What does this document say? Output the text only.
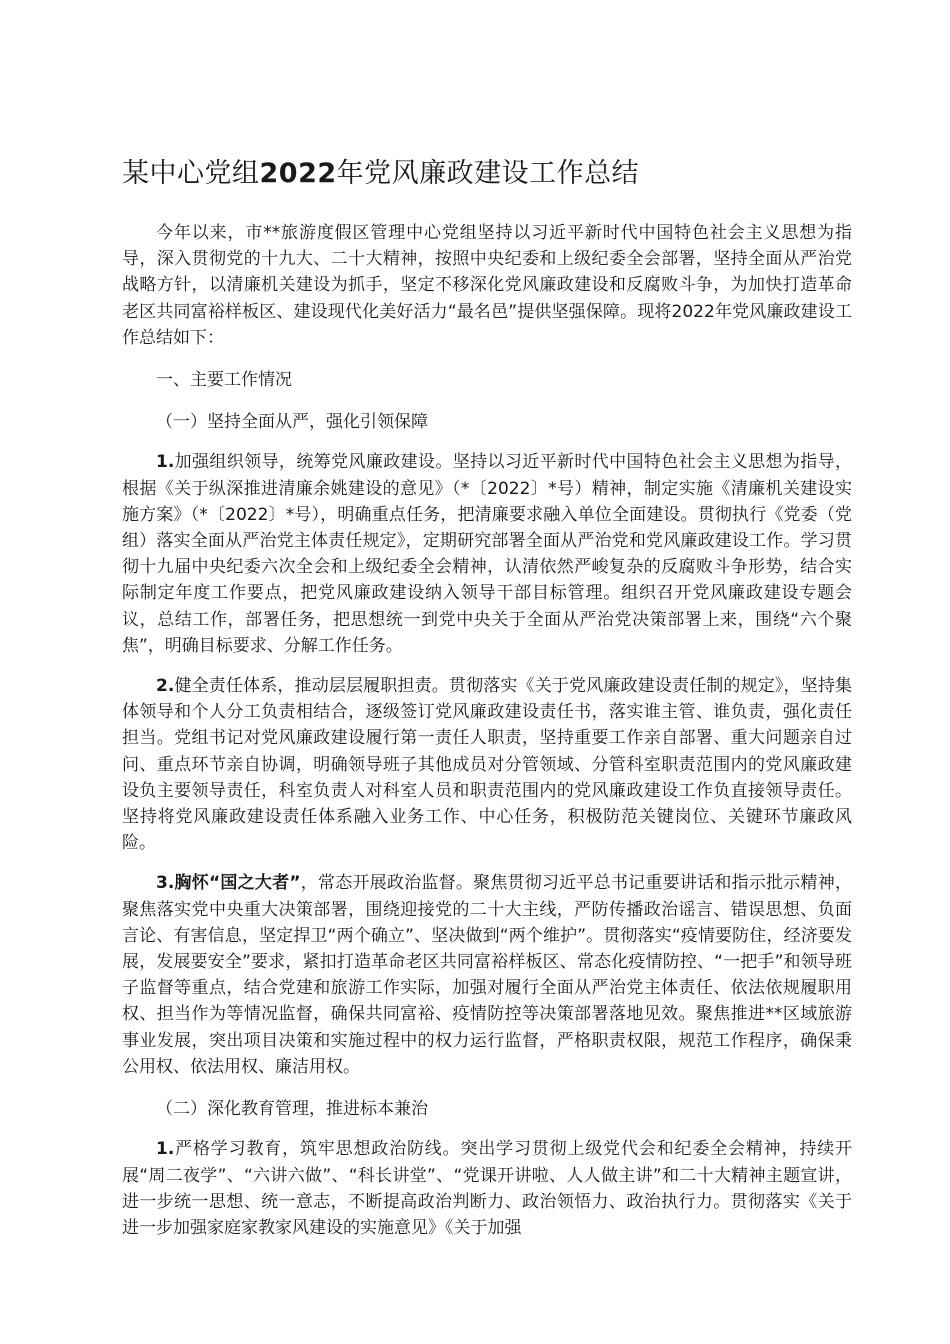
某中心党组2022年党风廉政建设工作总结

今年以来，市**旅游度假区管理中心党组坚持以习近平新时代中国特色社会主义思想为指导，深入贯彻党的十九大、二十大精神，按照中央纪委和上级纪委全会部署，坚持全面从严治党战略方针，以清廉机关建设为抓手，坚定不移深化党风廉政建设和反腐败斗争，为加快打造革命老区共同富裕样板区、建设现代化美好活力“最名邑”提供坚强保障。现将2022年党风廉政建设工作总结如下：

一、主要工作情况

（一）坚持全面从严，强化引领保障

1.加强组织领导，统筹党风廉政建设。坚持以习近平新时代中国特色社会主义思想为指导，根据《关于纵深推进清廉余姚建设的意见》（*〔2022〕*号）精神，制定实施《清廉机关建设实施方案》（*〔2022〕*号），明确重点任务，把清廉要求融入单位全面建设。贯彻执行《党委（党组）落实全面从严治党主体责任规定》，定期研究部署全面从严治党和党风廉政建设工作。学习贯彻十九届中央纪委六次全会和上级纪委全会精神，认清依然严峻复杂的反腐败斗争形势，结合实际制定年度工作要点，把党风廉政建设纳入领导干部目标管理。组织召开党风廉政建设专题会议，总结工作，部署任务，把思想统一到党中央关于全面从严治党决策部署上来，围绕“六个聚焦”，明确目标要求、分解工作任务。

2.健全责任体系，推动层层履职担责。贯彻落实《关于党风廉政建设责任制的规定》，坚持集体领导和个人分工负责相结合，逐级签订党风廉政建设责任书，落实谁主管、谁负责，强化责任担当。党组书记对党风廉政建设履行第一责任人职责，坚持重要工作亲自部署、重大问题亲自过问、重点环节亲自协调，明确领导班子其他成员对分管领域、分管科室职责范围内的党风廉政建设负主要领导责任，科室负责人对科室人员和职责范围内的党风廉政建设工作负直接领导责任。坚持将党风廉政建设责任体系融入业务工作、中心任务，积极防范关键岗位、关键环节廉政风险。

3.胸怀“国之大者”，常态开展政治监督。聚焦贯彻习近平总书记重要讲话和指示批示精神，聚焦落实党中央重大决策部署，围绕迎接党的二十大主线，严防传播政治谣言、错误思想、负面言论、有害信息，坚定捍卫“两个确立”、坚决做到“两个维护”。贯彻落实“疫情要防住，经济要发展，发展要安全”要求，紧扣打造革命老区共同富裕样板区、常态化疫情防控、“一把手”和领导班子监督等重点，结合党建和旅游工作实际，加强对履行全面从严治党主体责任、依法依规履职用权、担当作为等情况监督，确保共同富裕、疫情防控等决策部署落地见效。聚焦推进**区域旅游事业发展，突出项目决策和实施过程中的权力运行监督，严格职责权限，规范工作程序，确保秉公用权、依法用权、廉洁用权。

（二）深化教育管理，推进标本兼治

1.严格学习教育，筑牢思想政治防线。突出学习贯彻上级党代会和纪委全会精神，持续开展“周二夜学”、“六讲六做”、“科长讲堂”、“党课开讲啦、人人做主讲”和二十大精神主题宣讲，进一步统一思想、统一意志，不断提高政治判断力、政治领悟力、政治执行力。贯彻落实《关于进一步加强家庭家教家风建设的实施意见》《关于加强
